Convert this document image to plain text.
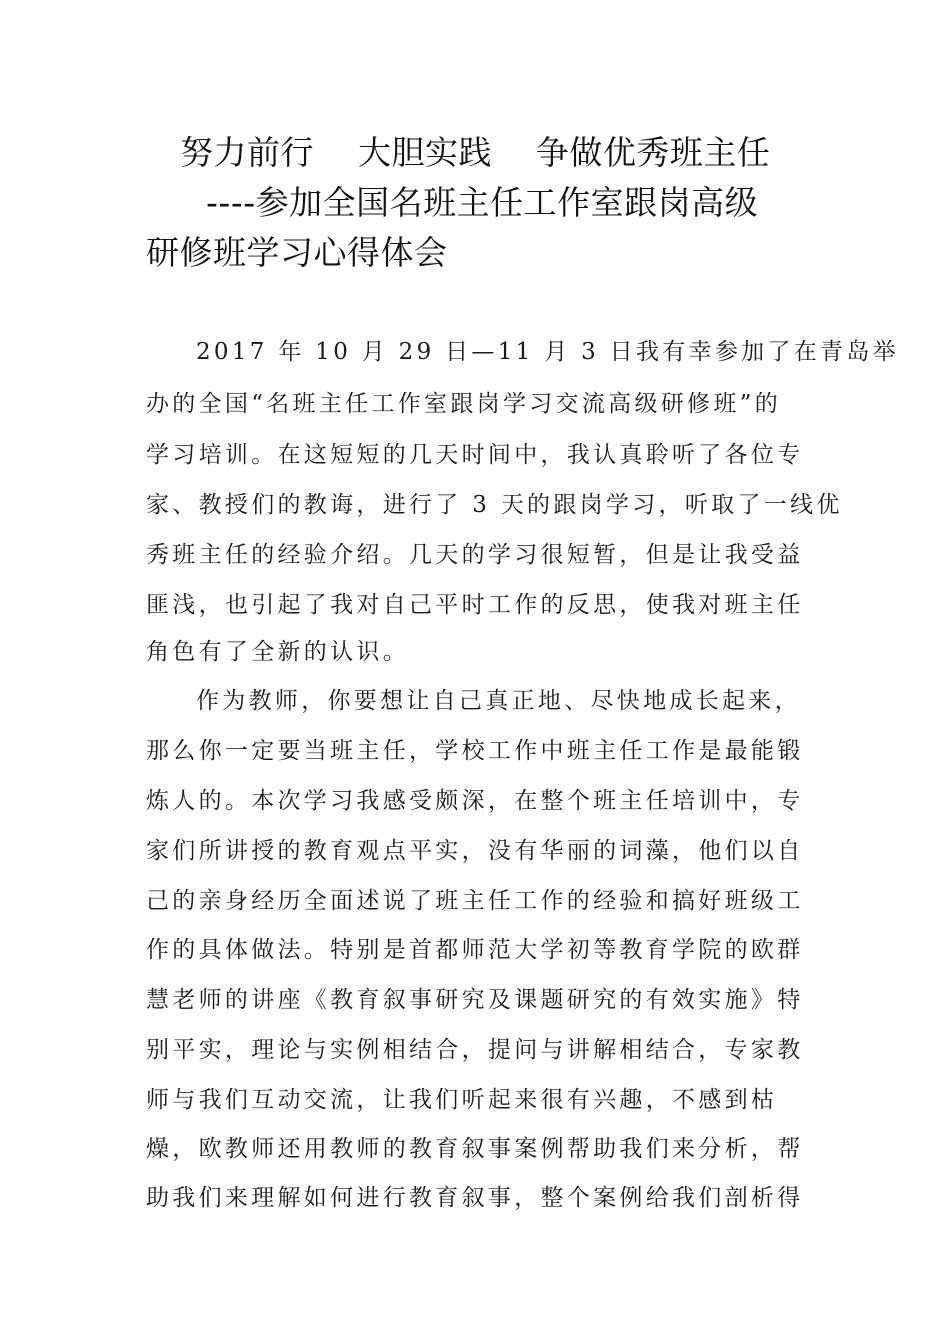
努力前行    大胆实践    争做优秀班主任
----参加全国名班主任工作室跟岗高级
研修班学习心得体会
2017 年 10 月 29 日—11 月 3 日我有幸参加了在青岛举
办的全国“名班主任工作室跟岗学习交流高级研修班”的
学习培训。在这短短的几天时间中，我认真聆听了各位专
家、教授们的教诲，进行了 3 天的跟岗学习，听取了一线优
秀班主任的经验介绍。几天的学习很短暂，但是让我受益
匪浅，也引起了我对自己平时工作的反思，使我对班主任
角色有了全新的认识。
作为教师，你要想让自己真正地、尽快地成长起来，
那么你一定要当班主任，学校工作中班主任工作是最能锻
炼人的。本次学习我感受颇深，在整个班主任培训中，专
家们所讲授的教育观点平实，没有华丽的词藻，他们以自
己的亲身经历全面述说了班主任工作的经验和搞好班级工
作的具体做法。特别是首都师范大学初等教育学院的欧群
慧老师的讲座《教育叙事研究及课题研究的有效实施》特
别平实，理论与实例相结合，提问与讲解相结合，专家教
师与我们互动交流，让我们听起来很有兴趣，不感到枯
燥，欧教师还用教师的教育叙事案例帮助我们来分析，帮
助我们来理解如何进行教育叙事，整个案例给我们剖析得
